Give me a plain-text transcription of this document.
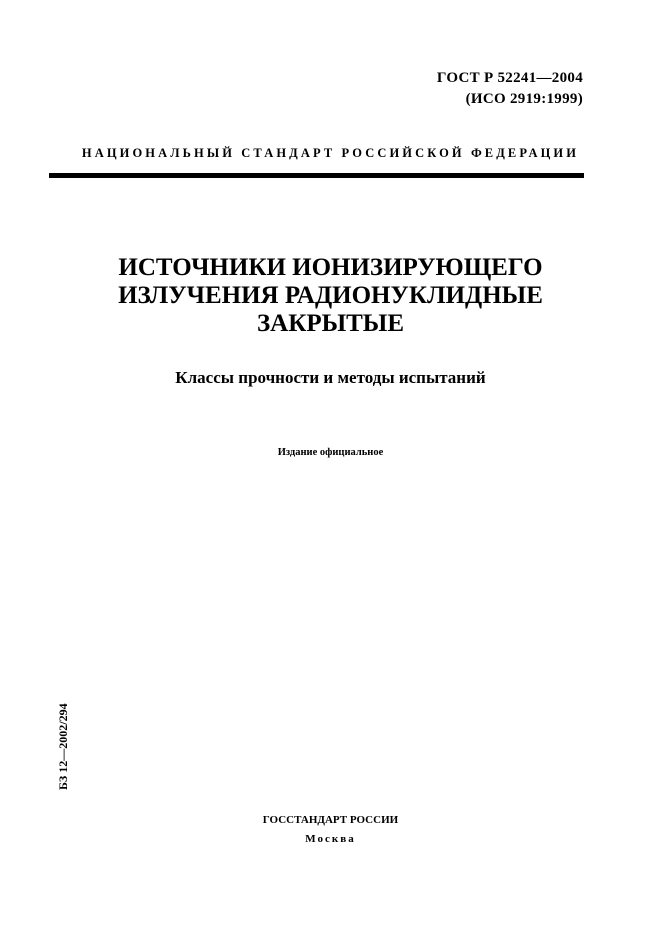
ГОСТ Р 52241—2004
(ИСО 2919:1999)
НАЦИОНАЛЬНЫЙ СТАНДАРТ РОССИЙСКОЙ ФЕДЕРАЦИИ
ИСТОЧНИКИ ИОНИЗИРУЮЩЕГО
ИЗЛУЧЕНИЯ РАДИОНУКЛИДНЫЕ
ЗАКРЫТЫЕ
Классы прочности и методы испытаний
Издание официальное
БЗ 12—2002/294
ГОССТАНДАРТ РОССИИ
Москва
